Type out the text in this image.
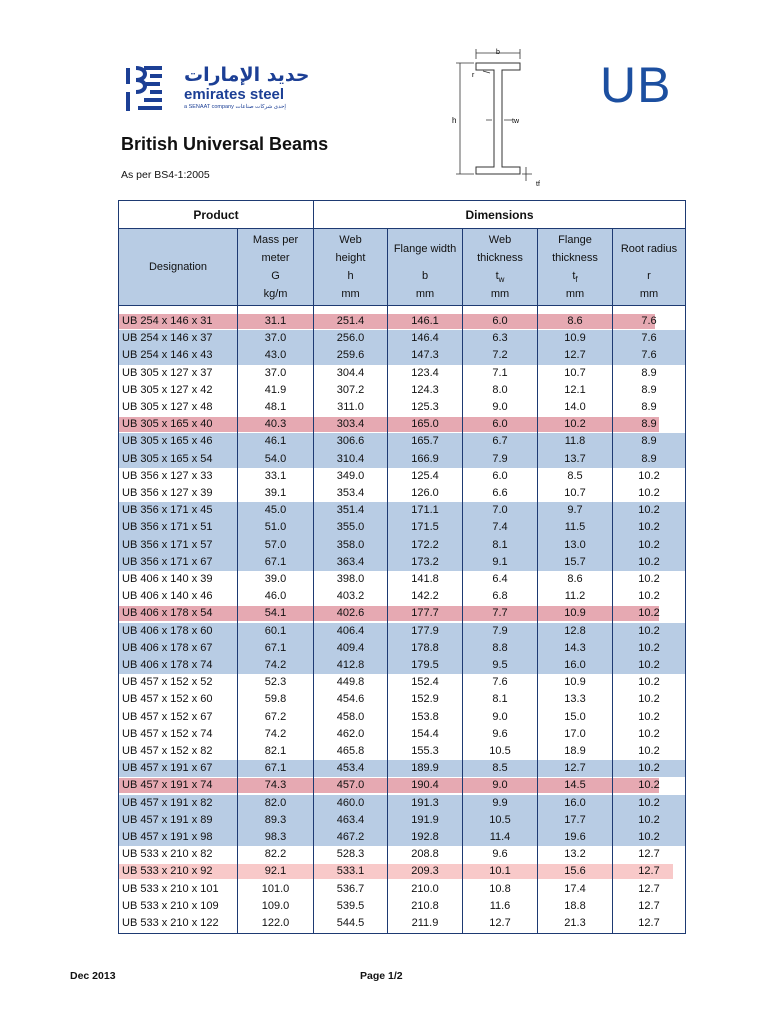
حديد الإمارات
emirates steel
a SENAAT company إحدى شركات صناعات
b
r
h	tw
tf
UB
British Universal Beams
As per BS4-1:2005
UB 254 x 146 x 31	31.1	251.4	146.1	6.0	8.6	7.6
UB 254 x 146 x 37	37.0	256.0	146.4	6.3	10.9	7.6
UB 254 x 146 x 43	43.0	259.6	147.3	7.2	12.7	7.6
UB 305 x 127 x 37	37.0	304.4	123.4	7.1	10.7	8.9
UB 305 x 127 x 42	41.9	307.2	124.3	8.0	12.1	8.9
UB 305 x 127 x 48	48.1	311.0	125.3	9.0	14.0	8.9
UB 305 x 165 x 40	40.3	303.4	165.0	6.0	10.2	8.9
UB 305 x 165 x 46	46.1	306.6	165.7	6.7	11.8	8.9
UB 305 x 165 x 54	54.0	310.4	166.9	7.9	13.7	8.9
UB 356 x 127 x 33	33.1	349.0	125.4	6.0	8.5	10.2
UB 356 x 127 x 39	39.1	353.4	126.0	6.6	10.7	10.2
UB 356 x 171 x 45	45.0	351.4	171.1	7.0	9.7	10.2
UB 356 x 171 x 51	51.0	355.0	171.5	7.4	11.5	10.2
UB 356 x 171 x 57	57.0	358.0	172.2	8.1	13.0	10.2
UB 356 x 171 x 67	67.1	363.4	173.2	9.1	15.7	10.2
UB 406 x 140 x 39	39.0	398.0	141.8	6.4	8.6	10.2
UB 406 x 140 x 46	46.0	403.2	142.2	6.8	11.2	10.2
UB 406 x 178 x 54	54.1	402.6	177.7	7.7	10.9	10.2
UB 406 x 178 x 60	60.1	406.4	177.9	7.9	12.8	10.2
UB 406 x 178 x 67	67.1	409.4	178.8	8.8	14.3	10.2
UB 406 x 178 x 74	74.2	412.8	179.5	9.5	16.0	10.2
UB 457 x 152 x 52	52.3	449.8	152.4	7.6	10.9	10.2
UB 457 x 152 x 60	59.8	454.6	152.9	8.1	13.3	10.2
UB 457 x 152 x 67	67.2	458.0	153.8	9.0	15.0	10.2
UB 457 x 152 x 74	74.2	462.0	154.4	9.6	17.0	10.2
UB 457 x 152 x 82	82.1	465.8	155.3	10.5	18.9	10.2
UB 457 x 191 x 67	67.1	453.4	189.9	8.5	12.7	10.2
UB 457 x 191 x 74	74.3	457.0	190.4	9.0	14.5	10.2
UB 457 x 191 x 82	82.0	460.0	191.3	9.9	16.0	10.2
UB 457 x 191 x 89	89.3	463.4	191.9	10.5	17.7	10.2
UB 457 x 191 x 98	98.3	467.2	192.8	11.4	19.6	10.2
UB 533 x 210 x 82	82.2	528.3	208.8	9.6	13.2	12.7
UB 533 x 210 x 92	92.1	533.1	209.3	10.1	15.6	12.7
UB 533 x 210 x 101	101.0	536.7	210.0	10.8	17.4	12.7
UB 533 x 210 x 109	109.0	539.5	210.8	11.6	18.8	12.7
UB 533 x 210 x 122	122.0	544.5	211.9	12.7	21.3	12.7
Product	Dimensions
Designation
Mass per
meter
G
kg/m
Web
height
h
mm
Flange width
b
mm
Web
thickness
$t_w$
mm
Flange
thickness
$t_f$
mm
Root radius
r
mm
Dec 2013	Page 1/2
